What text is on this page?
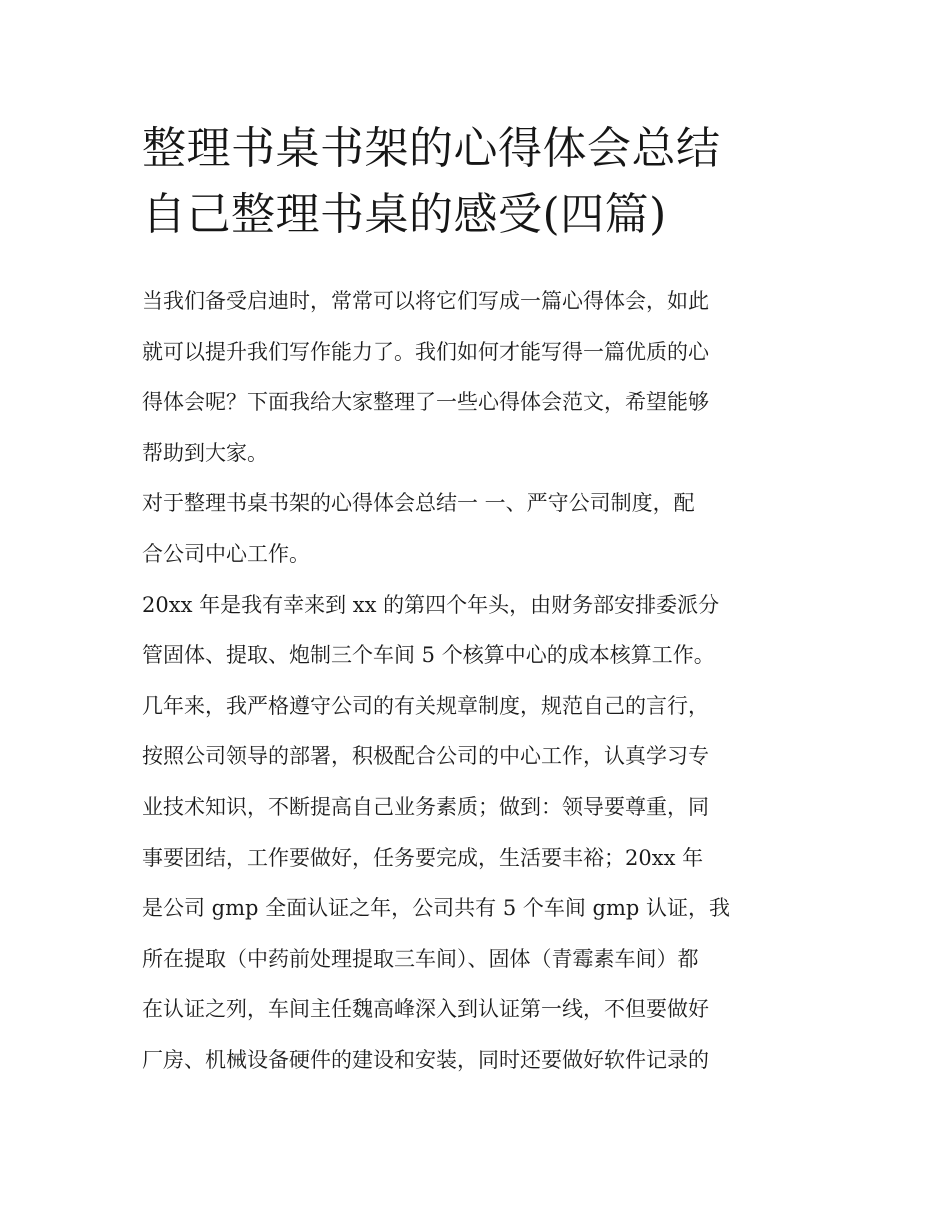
整理书桌书架的心得体会总结
自己整理书桌的感受(四篇)

当我们备受启迪时，常常可以将它们写成一篇心得体会，如此
就可以提升我们写作能力了。我们如何才能写得一篇优质的心
得体会呢？下面我给大家整理了一些心得体会范文，希望能够
帮助到大家。

对于整理书桌书架的心得体会总结一 一、严守公司制度，配
合公司中心工作。

20xx 年是我有幸来到 xx 的第四个年头，由财务部安排委派分
管固体、提取、炮制三个车间 5 个核算中心的成本核算工作。
几年来，我严格遵守公司的有关规章制度，规范自己的言行，
按照公司领导的部署，积极配合公司的中心工作，认真学习专
业技术知识，不断提高自己业务素质；做到：领导要尊重，同
事要团结，工作要做好，任务要完成，生活要丰裕；20xx 年
是公司 gmp 全面认证之年，公司共有 5 个车间 gmp 认证，我
所在提取（中药前处理提取三车间）、固体（青霉素车间）都
在认证之列，车间主任魏高峰深入到认证第一线，不但要做好
厂房、机械设备硬件的建设和安装，同时还要做好软件记录的
